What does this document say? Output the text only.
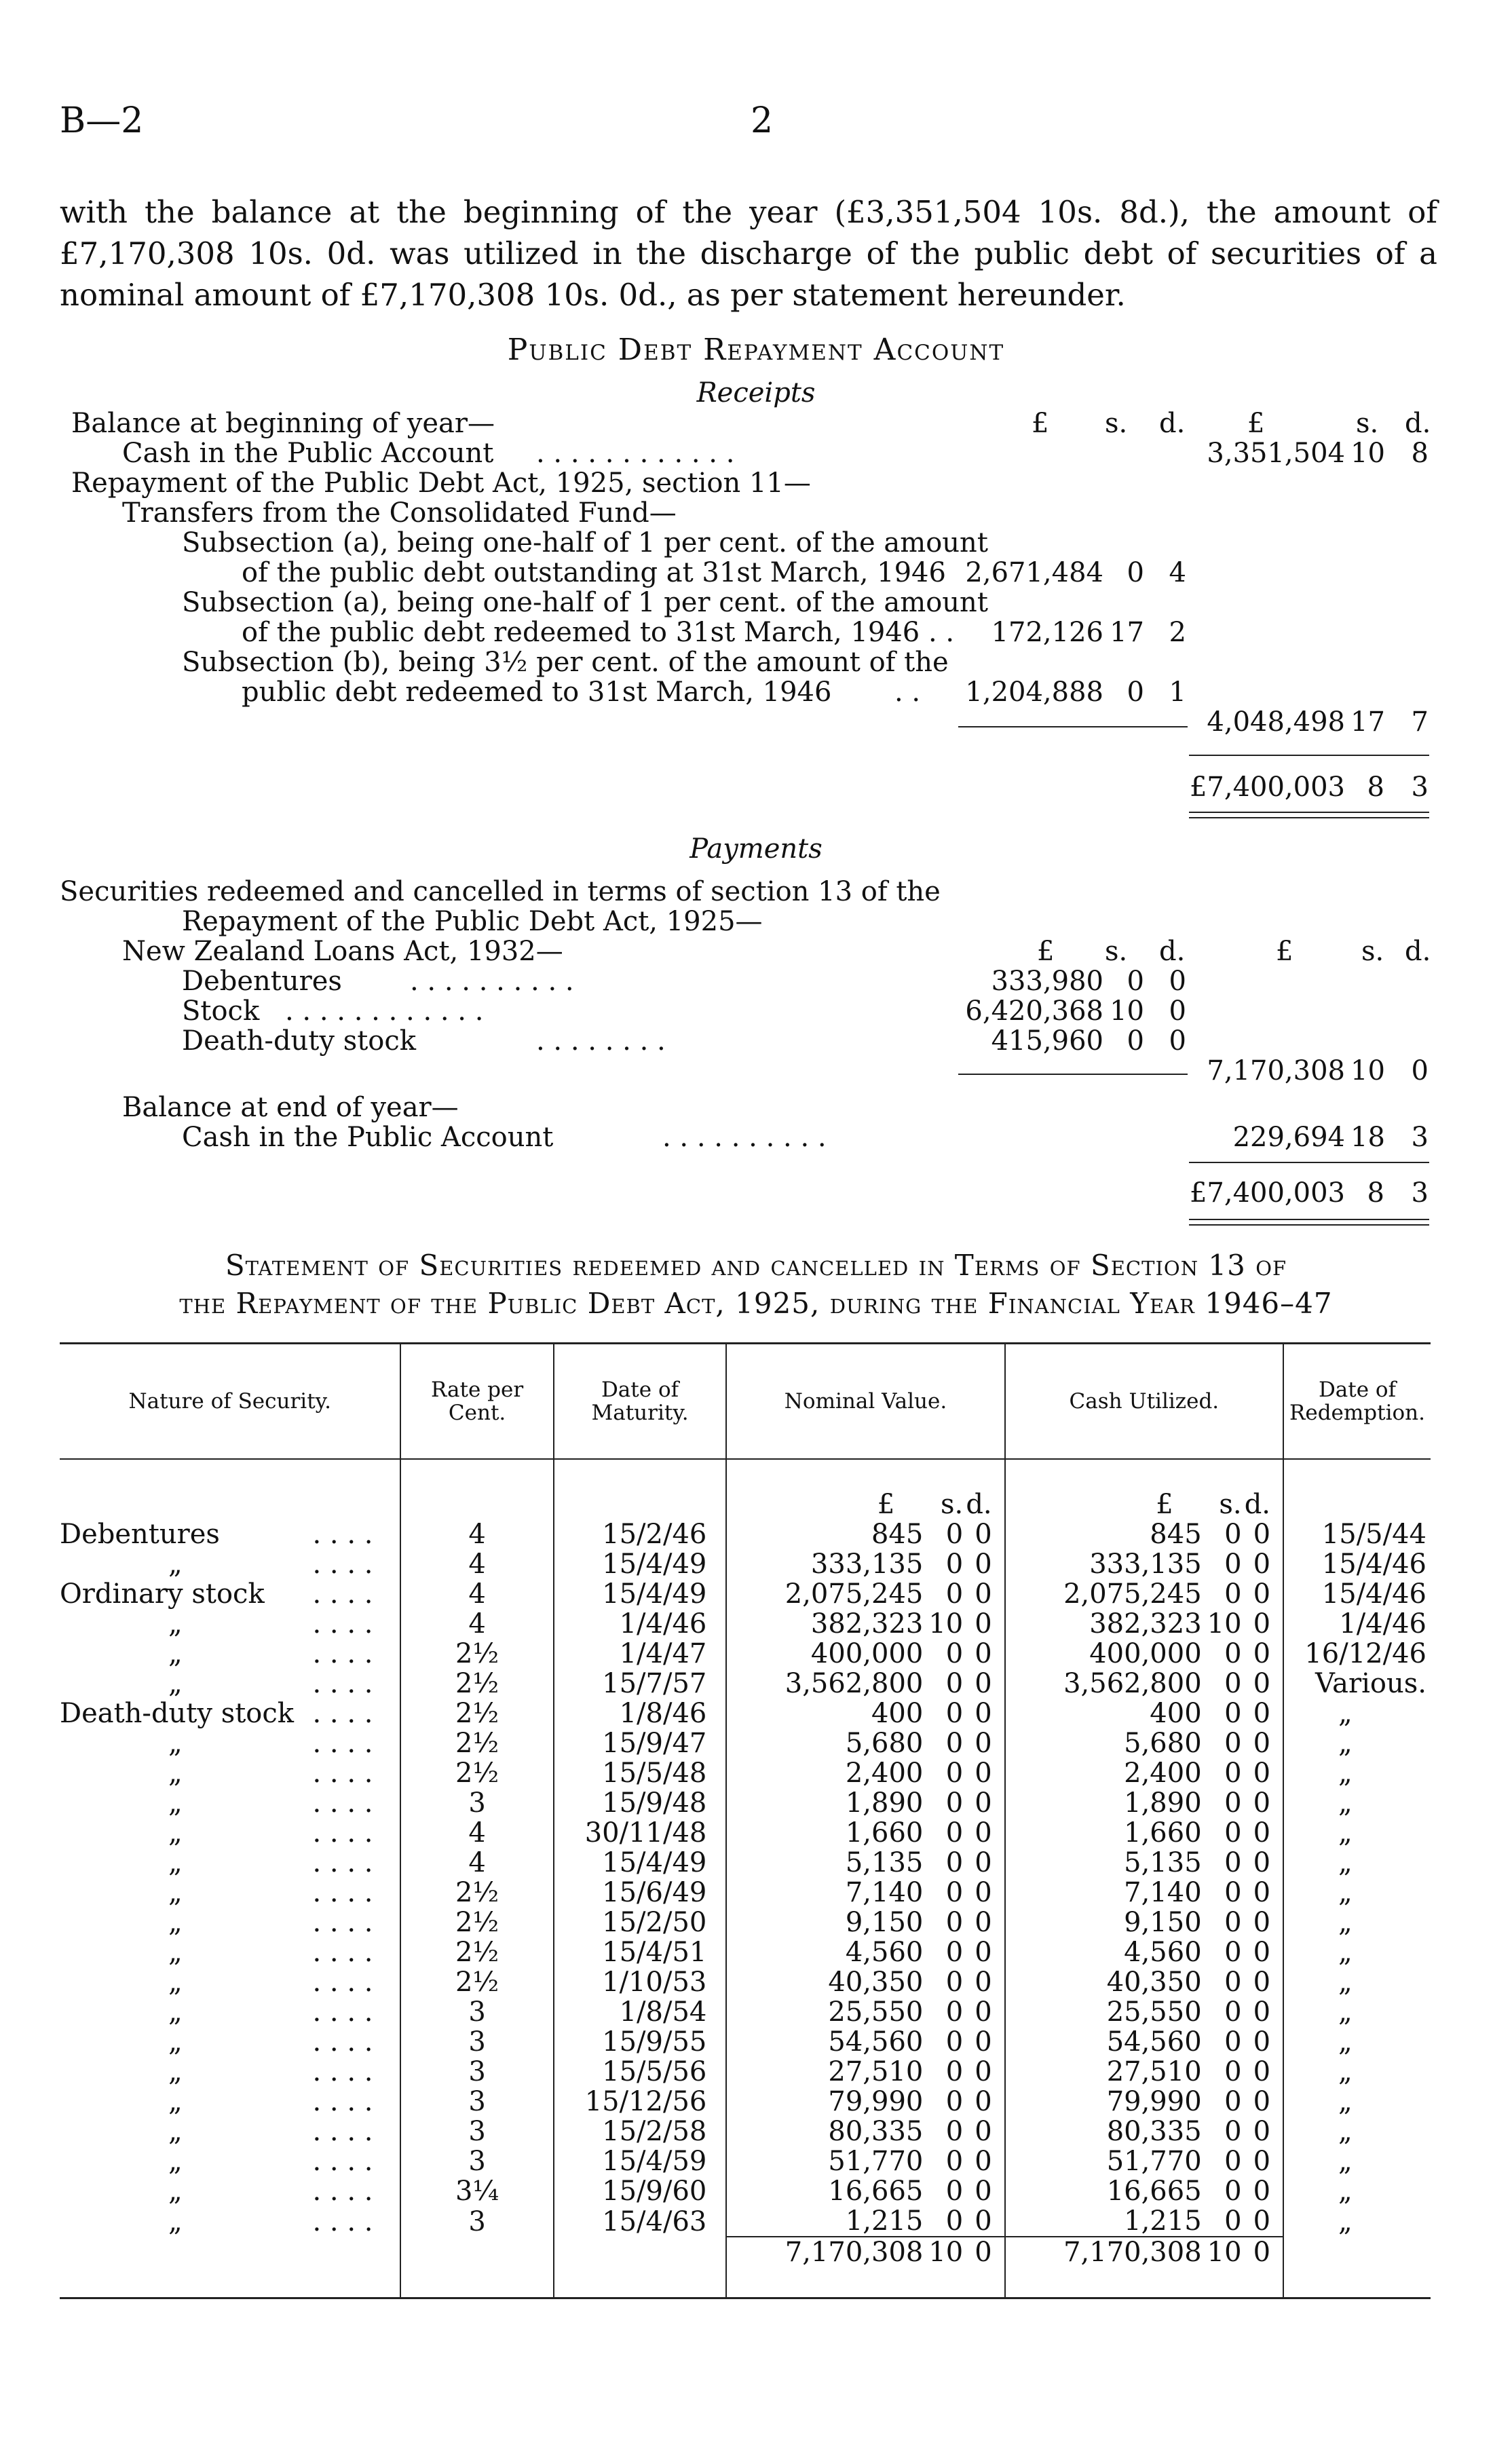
B—2	2
with the balance at the beginning of the year (£3,351,504 10s. 8d.), the amount of £7,170,308 10s. 0d. was utilized in the discharge of the public debt of securities of a nominal amount of £7,170,308 10s. 0d., as per statement hereunder.
Public Debt Repayment Account
Receipts
Balance at beginning of year—	£ s. d. £	s. d.
Cash in the Public Account . . . . . . . . . . . .	3,351,504 10 8
Repayment of the Public Debt Act, 1925, section 11—
Transfers from the Consolidated Fund—
Subsection (a), being one-half of 1 per cent. of the amount
of the public debt outstanding at 31st March, 1946 2,671,484 0 4
Subsection (a), being one-half of 1 per cent. of the amount
of the public debt redeemed to 31st March, 1946 . .	172,126 17 2
Subsection (b), being 3½ per cent. of the amount of the
public debt redeemed to 31st March, 1946 . .	1,204,888 0 1
4,048,498 17 7
£7,400,003 8 3
Payments
Securities redeemed and cancelled in terms of section 13 of the
Repayment of the Public Debt Act, 1925—
New Zealand Loans Act, 1932—	£ s. d.	£	s. d.
Debentures	. . . . . . . . . .	333,980 0 0
Stock . . . . . . . . . . . .	6,420,368 10 0
Death-duty stock	. . . . . . . .	415,960 0 0
7,170,308 10 0
Balance at end of year—
Cash in the Public Account	. . . . . . . . . .	229,694 18 3
£7,400,003 8 3
Statement of Securities redeemed and cancelled in Terms of Section 13 of
the Repayment of the Public Debt Act, 1925, during the Financial Year 1946–47
Nature of Security.	Rate per Cent.	Date of Maturity.	Nominal Value.			Cash Utilized.			Date of Redemption.

			£	s.	d.	£	s.	d.	
Debentures . . . .	4	15/2/46	845	0	0	845	0	0	15/5/44
„ . . . .	4	15/4/49	333,135	0	0	333,135	0	0	15/4/46
Ordinary stock . . . .	4	15/4/49	2,075,245	0	0	2,075,245	0	0	15/4/46
„ . . . .	4	1/4/46	382,323	10	0	382,323	10	0	1/4/46
„ . . . .	2½	1/4/47	400,000	0	0	400,000	0	0	16/12/46
„ . . . .	2½	15/7/57	3,562,800	0	0	3,562,800	0	0	Various.
Death-duty stock . . . .	2½	1/8/46	400	0	0	400	0	0	„
„ . . . .	2½	15/9/47	5,680	0	0	5,680	0	0	„
„ . . . .	2½	15/5/48	2,400	0	0	2,400	0	0	„
„ . . . .	3	15/9/48	1,890	0	0	1,890	0	0	„
„ . . . .	4	30/11/48	1,660	0	0	1,660	0	0	„
„ . . . .	4	15/4/49	5,135	0	0	5,135	0	0	„
„ . . . .	2½	15/6/49	7,140	0	0	7,140	0	0	„
„ . . . .	2½	15/2/50	9,150	0	0	9,150	0	0	„
„ . . . .	2½	15/4/51	4,560	0	0	4,560	0	0	„
„ . . . .	2½	1/10/53	40,350	0	0	40,350	0	0	„
„ . . . .	3	1/8/54	25,550	0	0	25,550	0	0	„
„ . . . .	3	15/9/55	54,560	0	0	54,560	0	0	„
„ . . . .	3	15/5/56	27,510	0	0	27,510	0	0	„
„ . . . .	3	15/12/56	79,990	0	0	79,990	0	0	„
„ . . . .	3	15/2/58	80,335	0	0	80,335	0	0	„
„ . . . .	3	15/4/59	51,770	0	0	51,770	0	0	„
„ . . . .	3¼	15/9/60	16,665	0	0	16,665	0	0	„
„ . . . .	3	15/4/63	1,215	0	0	1,215	0	0	„
			7,170,308	10	0	7,170,308	10	0	
